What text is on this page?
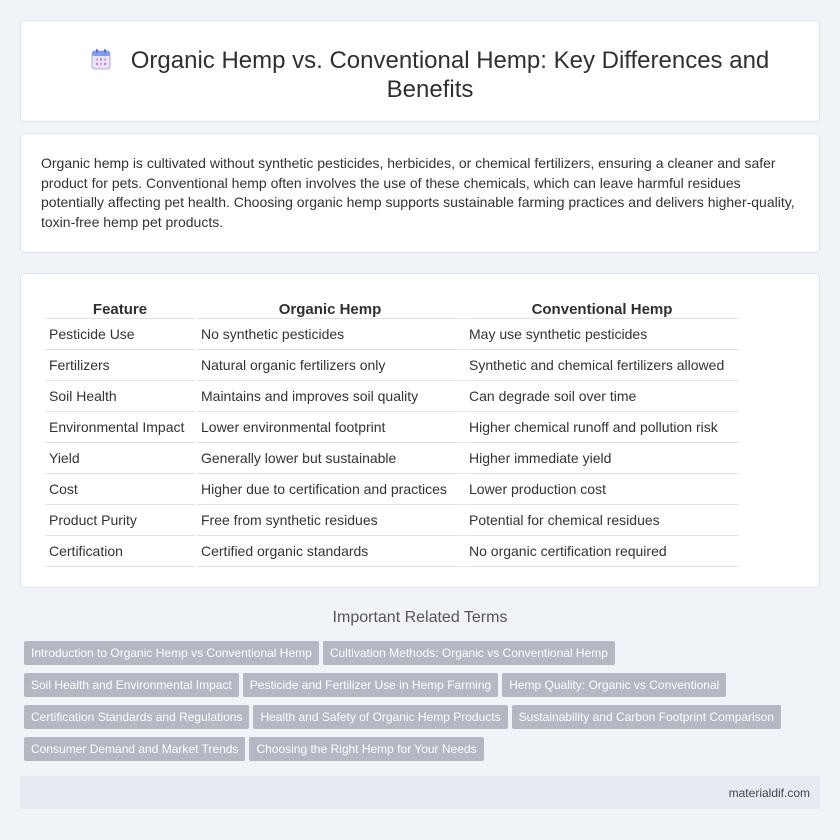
Organic Hemp vs. Conventional Hemp: Key Differences and Benefits

Organic hemp is cultivated without synthetic pesticides, herbicides, or chemical fertilizers, ensuring a cleaner and safer product for pets. Conventional hemp often involves the use of these chemicals, which can leave harmful residues potentially affecting pet health. Choosing organic hemp supports sustainable farming practices and delivers higher-quality, toxin-free hemp pet products.

Feature	Organic Hemp	Conventional Hemp
Pesticide Use	No synthetic pesticides	May use synthetic pesticides
Fertilizers	Natural organic fertilizers only	Synthetic and chemical fertilizers allowed
Soil Health	Maintains and improves soil quality	Can degrade soil over time
Environmental Impact	Lower environmental footprint	Higher chemical runoff and pollution risk
Yield	Generally lower but sustainable	Higher immediate yield
Cost	Higher due to certification and practices	Lower production cost
Product Purity	Free from synthetic residues	Potential for chemical residues
Certification	Certified organic standards	No organic certification required
Important Related Terms
Introduction to Organic Hemp vs Conventional Hemp Cultivation Methods: Organic vs Conventional Hemp
Soil Health and Environmental Impact Pesticide and Fertilizer Use in Hemp Farming Hemp Quality: Organic vs Conventional
Certification Standards and Regulations Health and Safety of Organic Hemp Products Sustainability and Carbon Footprint Comparison
Consumer Demand and Market Trends Choosing the Right Hemp for Your Needs
materialdif.com
